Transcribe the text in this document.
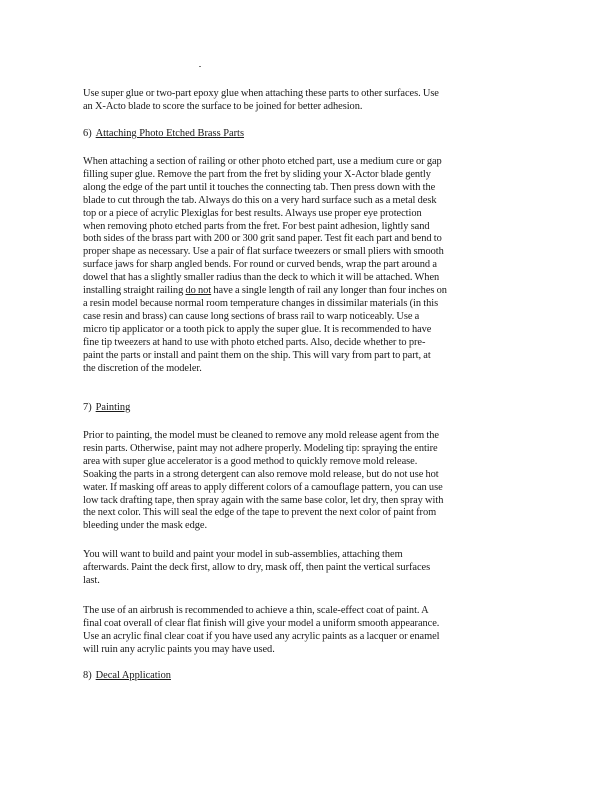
Use super glue or two-part epoxy glue when attaching these parts to other surfaces. Use
an X-Acto blade to score the surface to be joined for better adhesion.

6) Attaching Photo Etched Brass Parts

When attaching a section of railing or other photo etched part, use a medium cure or gap
filling super glue. Remove the part from the fret by sliding your X-Actor blade gently
along the edge of the part until it touches the connecting tab. Then press down with the
blade to cut through the tab. Always do this on a very hard surface such as a metal desk
top or a piece of acrylic Plexiglas for best results. Always use proper eye protection
when removing photo etched parts from the fret. For best paint adhesion, lightly sand
both sides of the brass part with 200 or 300 grit sand paper. Test fit each part and bend to
proper shape as necessary. Use a pair of flat surface tweezers or small pliers with smooth
surface jaws for sharp angled bends. For round or curved bends, wrap the part around a
dowel that has a slightly smaller radius than the deck to which it will be attached. When
installing straight railing do not have a single length of rail any longer than four inches on
a resin model because normal room temperature changes in dissimilar materials (in this
case resin and brass) can cause long sections of brass rail to warp noticeably. Use a
micro tip applicator or a tooth pick to apply the super glue. It is recommended to have
fine tip tweezers at hand to use with photo etched parts. Also, decide whether to pre-
paint the parts or install and paint them on the ship. This will vary from part to part, at
the discretion of the modeler.

7) Painting

Prior to painting, the model must be cleaned to remove any mold release agent from the
resin parts. Otherwise, paint may not adhere properly. Modeling tip: spraying the entire
area with super glue accelerator is a good method to quickly remove mold release.
Soaking the parts in a strong detergent can also remove mold release, but do not use hot
water. If masking off areas to apply different colors of a camouflage pattern, you can use
low tack drafting tape, then spray again with the same base color, let dry, then spray with
the next color. This will seal the edge of the tape to prevent the next color of paint from
bleeding under the mask edge.

You will want to build and paint your model in sub-assemblies, attaching them
afterwards. Paint the deck first, allow to dry, mask off, then paint the vertical surfaces
last.

The use of an airbrush is recommended to achieve a thin, scale-effect coat of paint. A
final coat overall of clear flat finish will give your model a uniform smooth appearance.
Use an acrylic final clear coat if you have used any acrylic paints as a lacquer or enamel
will ruin any acrylic paints you may have used.

8) Decal Application
